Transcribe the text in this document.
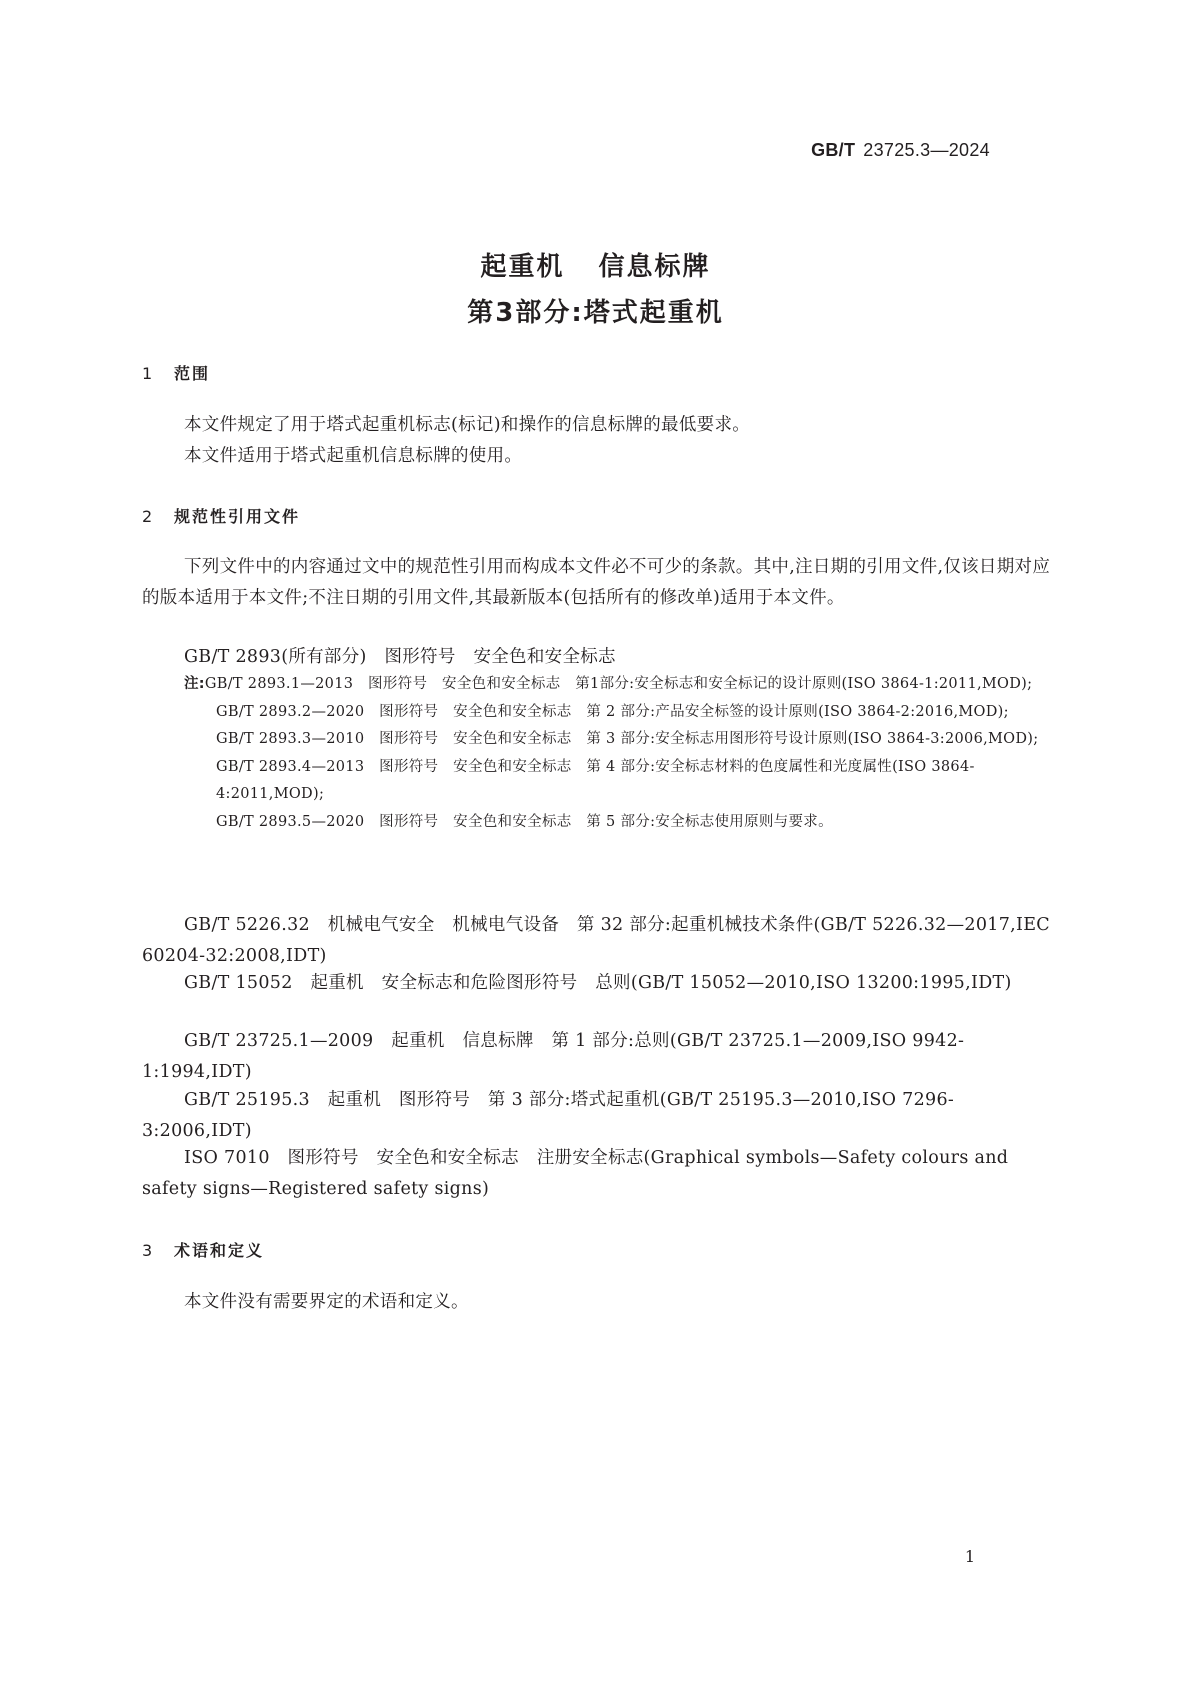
GB/T 23725.3—2024
起重机 信息标牌
第3部分:塔式起重机
1 范围
本文件规定了用于塔式起重机标志(标记)和操作的信息标牌的最低要求。
本文件适用于塔式起重机信息标牌的使用。
2 规范性引用文件
下列文件中的内容通过文中的规范性引用而构成本文件必不可少的条款。其中,注日期的引用文件,仅该日期对应的版本适用于本文件;不注日期的引用文件,其最新版本(包括所有的修改单)适用于本文件。
GB/T 2893(所有部分)　图形符号　安全色和安全标志
注:GB/T 2893.1—2013　图形符号　安全色和安全标志　第1部分:安全标志和安全标记的设计原则(ISO 3864-1:2011,MOD);
GB/T 2893.2—2020　图形符号　安全色和安全标志　第 2 部分:产品安全标签的设计原则(ISO 3864-2:2016,MOD);
GB/T 2893.3—2010　图形符号　安全色和安全标志　第 3 部分:安全标志用图形符号设计原则(ISO 3864-3:2006,MOD);
GB/T 2893.4—2013　图形符号　安全色和安全标志　第 4 部分:安全标志材料的色度属性和光度属性(ISO 3864-4:2011,MOD);
GB/T 2893.5—2020　图形符号　安全色和安全标志　第 5 部分:安全标志使用原则与要求。
GB/T 5226.32　机械电气安全　机械电气设备　第 32 部分:起重机械技术条件(GB/T 5226.32—2017,IEC 60204-32:2008,IDT)
GB/T 15052　起重机　安全标志和危险图形符号　总则(GB/T 15052—2010,ISO 13200:1995,IDT)
GB/T 23725.1—2009　起重机　信息标牌　第 1 部分:总则(GB/T 23725.1—2009,ISO 9942-1:1994,IDT)
GB/T 25195.3　起重机　图形符号　第 3 部分:塔式起重机(GB/T 25195.3—2010,ISO 7296-3:2006,IDT)
ISO 7010　图形符号　安全色和安全标志　注册安全标志(Graphical symbols—Safety colours and safety signs—Registered safety signs)
3 术语和定义
本文件没有需要界定的术语和定义。
1
